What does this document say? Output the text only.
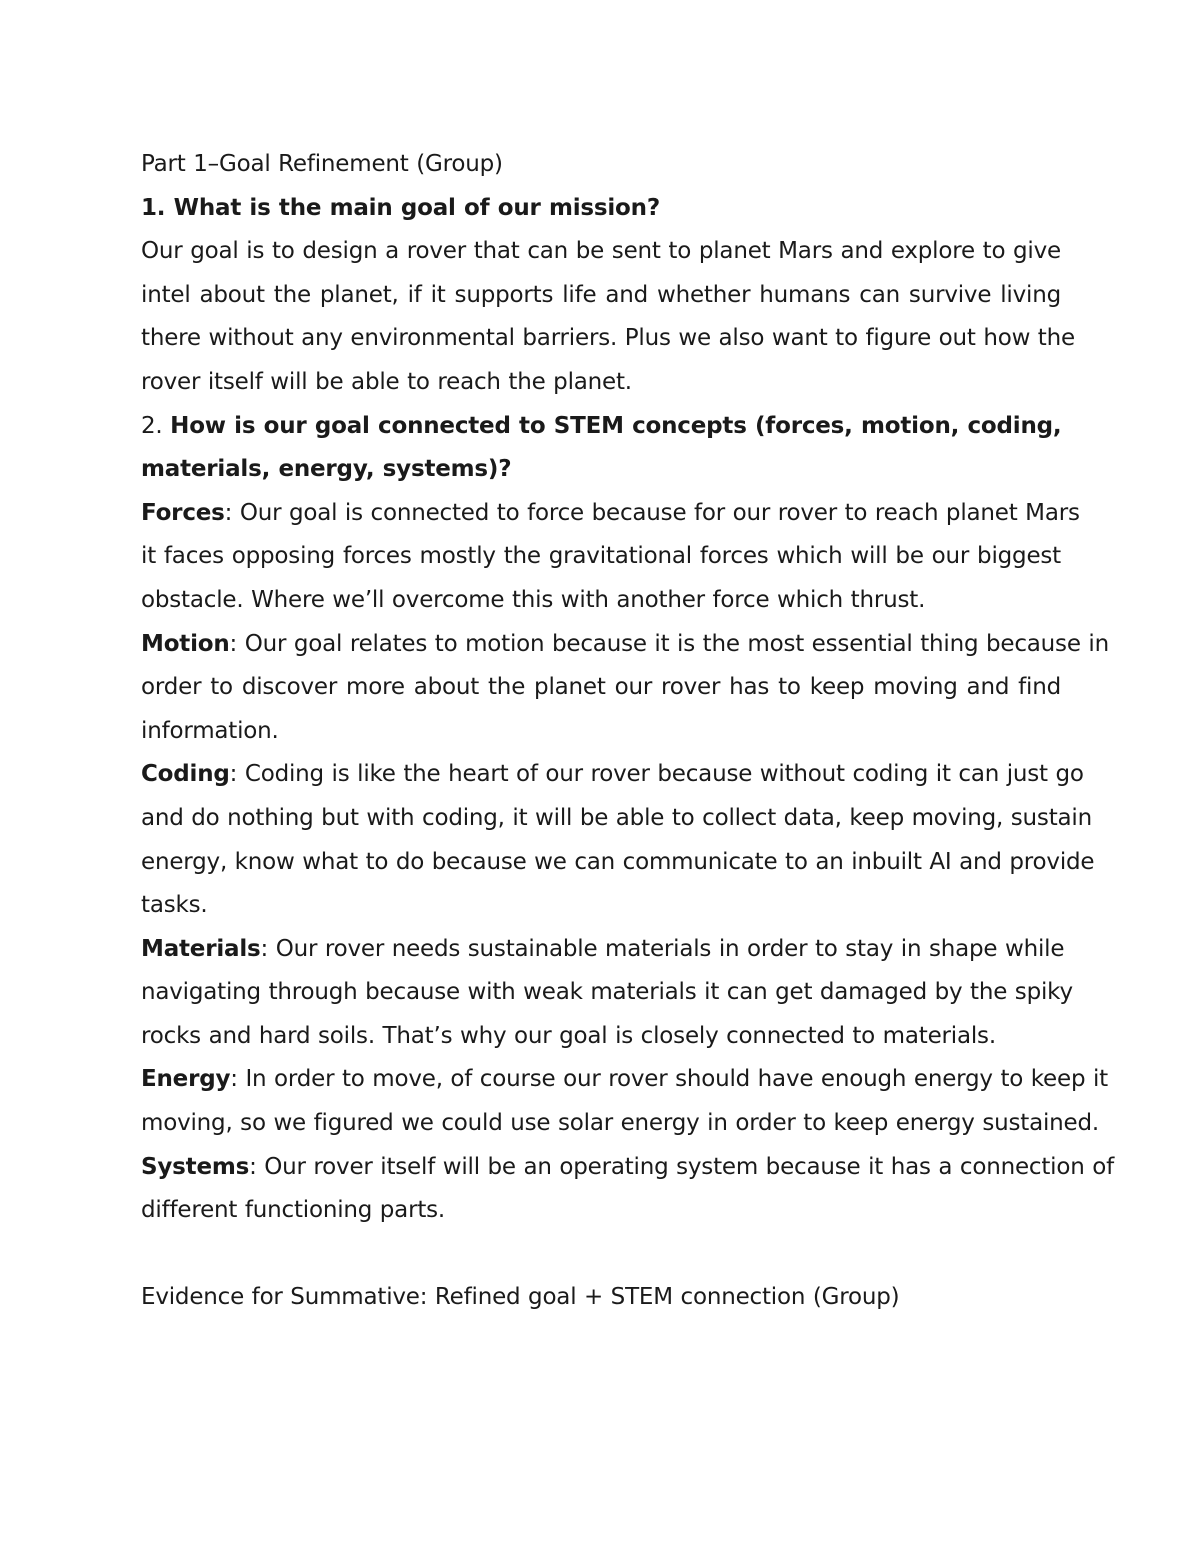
Part 1–Goal Refinement (Group)
1. What is the main goal of our mission?
Our goal is to design a rover that can be sent to planet Mars and explore to give
intel about the planet, if it supports life and whether humans can survive living
there without any environmental barriers. Plus we also want to figure out how the
rover itself will be able to reach the planet.
2. How is our goal connected to STEM concepts (forces, motion, coding,
materials, energy, systems)?
Forces: Our goal is connected to force because for our rover to reach planet Mars
it faces opposing forces mostly the gravitational forces which will be our biggest
obstacle. Where we’ll overcome this with another force which thrust.
Motion: Our goal relates to motion because it is the most essential thing because in
order to discover more about the planet our rover has to keep moving and find
information.
Coding: Coding is like the heart of our rover because without coding it can just go
and do nothing but with coding, it will be able to collect data, keep moving, sustain
energy, know what to do because we can communicate to an inbuilt AI and provide
tasks.
Materials: Our rover needs sustainable materials in order to stay in shape while
navigating through because with weak materials it can get damaged by the spiky
rocks and hard soils. That’s why our goal is closely connected to materials.
Energy: In order to move, of course our rover should have enough energy to keep it
moving, so we figured we could use solar energy in order to keep energy sustained.
Systems: Our rover itself will be an operating system because it has a connection of
different functioning parts.
Evidence for Summative: Refined goal + STEM connection (Group)
